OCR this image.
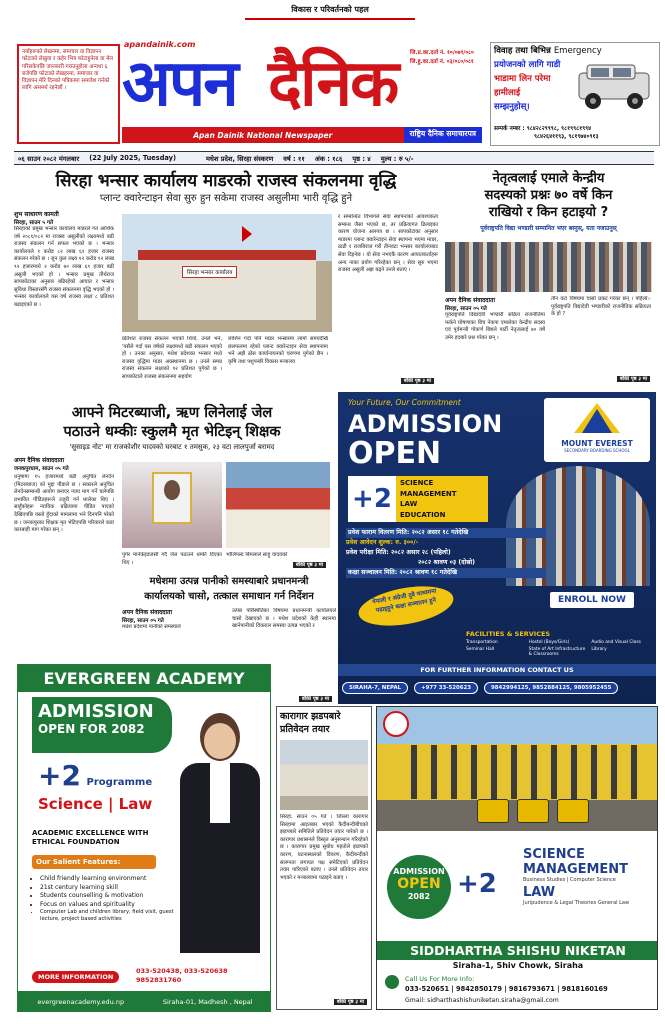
विकास र परिवर्तनको पहल
नयाँहरूको लेखनमा, समाचार वा विज्ञापन फोटाको लेखुवा र कहेर भित्र फोटाहुनेला वा मेल गरिसकेपछि जानकारी गराउनुहोला अन्यथा ६ बजेपछि फोटाको लेखहरमा, समाचार वा विज्ञापन मेरि दिनको पत्रिकामा समावेश गर्नको लागि असमर्थ रहनेछौं ।
apandainik.com
अपन दैनिक
Apan Dainik National Newspaper	राष्ट्रिय दैनिक समाचारपत्र
जि.प्र.का.दर्ता नं. १०/०७९/०८०
जि.हु.का.दर्ता नं. ०३/०८०/०८१
विवाह तथा बिभिन्न Emergency
प्रयोजनको लागि गाडी
भाडामा लिन परेमा
हामीलाई
सम्झनुहोस्।
सम्पर्क नम्बर : ९८४२८२९९९८, ९८१९९८१९९४
९८४२६४११९३, ९८१९७४०९१३
०६ साउन २०८२ मंगलबार (22 July 2025, Tuesday)	मधेश प्रदेश, सिरहा संस्करण वर्ष : ११ अंक : १८६ पृष्ठ : ४ मुल्य : रु ५/-
सिरहा भन्सार कार्यालय माडरको राजस्व संकलनमा वृद्धि
प्लान्ट क्वारेन्टाइन सेवा सुरु हुन सकेमा राजस्व असुलीमा भारी वृद्धि हुने
शुभ साधारण कामती
सिरहा, साउन ५ गते
सिरहाको प्रमुख भन्सार कार्यालय माडरले गत आर्थिक वर्ष २०८१/०८२ मा राजस्व असुलीको लक्ष्यमध्ये बढी राजस्व संकलन गर्न सफल भएको छ । भन्सार कार्यालयले १ करोड ८२ लाख ६१ हजार राजस्व संकलन गरेको छ । जुन कुल लक्ष्य १२ करोड १२ लाख ९२ हजारमध्ये २ करोड ७० लाख ६९ हजार बढी असुली भएको हो । भन्सार प्रमुख तीर्थराज सापकोटाका अनुसार बढिरहेको आयात र भन्सार सुविधा विस्तारसँगै राजस्व संकलनमा वृद्धि भएको हो । भन्सार कार्यालयले यस वर्ष राजस्व लक्ष्य ८ प्रतिशत बढाइएको छ ।
सिरहा भन्सार कार्यालय
प्रतिशत राजस्व संकलन भएको थियो, उनले भने, 'यसैले गर्दा यस वर्षको लक्ष्यमध्ये बढी संकलन भएको हो । उनका अनुसार, मधेश प्रदेशका भन्सार मध्ये राजस्व वृद्धिमा माडर अग्रस्थानमा छ । उनले समग्र राजस्व संकलन लक्ष्यको ९२ प्रतिशत पुगेको छ । सापकोटाले राजस्व संकलनमा सहयोग
लाशिन गर्दा पनि माडर भन्सारमा लामो समयदेखि छलफलमा रहेको प्लान्ट क्वारेन्टाइन सेवा स्थापनामा भने अझै ठोस कार्यान्वयनको चरणमा पुगेको छैन । कृषि तथा पशुपन्छी विकास मन्त्रालय
र सम्बन्धित विभागले सेवा स्थापनाको आवश्यकता सम्बन्ध जैसा भएको छ, तर प्रक्रियागत ढिलाइका कारण योजना अलपत्र छ । सापकोटाका अनुसार माडरमा प्लान्ट क्वारेन्टाइन सेवा स्थापना भएमा माडर, ठाढी र राजबिराज गरी तीनवटा भन्सार कार्यालयबाट सेवा दिइनेछ । यो सेवा नभएकै कारण आयातकर्ताहरू अन्य नाका प्रयोग गरिरहेका छन् । सेवा सुरु भएमा राजस्व असुली अझ बढ्ने उनले बताए ।
बाँकी पृष्ठ ३ मा
नेतृत्वलाई एमाले केन्द्रीय
सदस्यको प्रश्नः ७० वर्षे किन
राखियो र किन हटाइयो ?
पूर्वराष्ट्रपति विद्या भण्डारी सम्मानित भएर बस्नुस्, यता नजाउनुस्
अपन दैनिक संवाददाता
सिरहा, साउन ०५ गते
पूर्वराष्ट्रपति विद्यादेवी भण्डारी सक्रिय राजनीतिमा फर्कने घोषणाका बिच नेकपा एमालेका केन्द्रीय सदस्य एवं पूर्वमन्त्री गोकर्ण बिष्टले पार्टी नेतृत्वलाई ७० वर्षे उमेर हदबारे प्रश्न गरेका छन् ।
तीन वटा विषयमा चासो प्रकट गरेका छन् । पहिलो:- पूर्वराष्ट्रपति विद्यादेवी भण्डारीको राजनीतिक सक्रियता के हो ?
बाँकी पृष्ठ ३ मा
आफ्ने मिटरब्याजी, ऋण लिनेलाई जेल
पठाउने धम्कीः स्कुलमै मृत भेटिइन् शिक्षक
'सुसाइड नोट' मा राजकोशीर यादवको घरबाट १ तमसुक, २३ वटा लालपुर्जा बरामद
अपन दैनिक संवाददाता
जनकपुरधाम, साउन ०५ गते
धनुषामा १५ हजारमध्ये बढी अनुचित लेनदेन (मिटरब्याज) को मुद्दा पीडाले छ । सकारले अनुचित लेनदेनसम्बन्धी आयोग बनाएर न्याय माग गर्ने चलेपछि प्रभावित पीडितहरूले उजुरी गर्न थालेका थिए । साहुँकोहरू न्यायिक प्रक्रियामा पीडित पाएको देखिएपछि यस्तो हुँदाको मामलामा भने दिनपनि परेको छ । जनकपुरका शिक्षक मृत भेटिएपछि परिवारले कडा कारबाही माग गरेका छन् ।
पुगेर मार्नेकेइडजसी गर्दै जेल पठाउने धम्की दिएका थिए ।
भोलिपल्ट बिमलाले साहु यादवको
बाँकी पृष्ठ ३ मा
मधेशमा उत्पन्न पानीको समस्याबारे प्रधानमन्त्री
कार्यालयको चासो, तत्काल समाधान गर्न निर्देशन
अपन दैनिक संवाददाता
सिरहा, साउन ०५ गते
मधेश प्रदेशमा पानीको समस्याले
उत्पन्न परिस्थितिका विषयमा प्रधानमन्त्री कार्यालयले चासो देखाएको छ । मधेश प्रदेशको केही स्थानमा खानेपानीको विकराल समस्या उत्पन्न भएको र
बाँकी पृष्ठ ३ मा
Your Future, Our Commitment
ADMISSION
OPEN	MOUNT EVEREST
SECONDARY BOARDING SCHOOL
+2
SCIENCE
MANAGEMENT
LAW
EDUCATION
प्रवेश फाराम वितरण मिति: २०८२ असार १८ गतेदेखि
प्रवेश आवेदन शुल्क: रु. ३००/-
प्रवेश परीक्षा मिति: २०८२ असार २८ (पहिलो)
२०८२ श्रावण ०३ (दोस्रो)
कक्षा सञ्चालन मिति: २०८२ श्रावण १८ गतेदेखि
ENROLL NOW
नेपाली र अंग्रेजी दुवै माध्यममा पढाइहुने कक्षा सञ्चालन हुने
FACILITIES & SERVICES
Transportation	Hostel (Boys/Girls)	Audio and Visual Class
Seminar Hall	State of Art Infrastructure & Classrooms
Library
FOR FURTHER INFORMATION CONTACT US
SIRAHA-7, NEPAL	+977 33-520623	9842994125, 9852884125, 9805952455
EVERGREEN ACADEMY
ADMISSION
OPEN FOR 2082
+2 Programme
Science | Law
ACADEMIC EXCELLENCE WITH ETHICAL FOUNDATION
Our Salient Features:
• Child friendly learning environment
• 21st century learning skill
• Students counselling & motivation
• Focus on values and spirituality
• Computer Lab and children library, field visit, guest lecture, project based activities
MORE INFORMATION
033-520438, 033-520638
9852831760
evergreenacademy.edu.np	Siraha-01, Madhesh , Nepal
कारागार झडपबारे
प्रतिवेदन तयार
सिरहा, साउन ०५ गते । जिल्ला कारागार सिरहामा आइतबार भएको कैदीबन्दीबीचको झडपबारे समितिले प्रतिवेदन तयार पारेको छ । कारागार प्रशासनले विस्तृत अनुसन्धान गरिरहेको छ । कारागार प्रमुख सुबोध महतोले झडपको कारण, घटनास्थलको विवरण, कैदीबन्दीको संलग्नता लगायत पक्ष समेटिएको प्रतिवेदन तयार पारिएको बताए । उनले प्रतिवेदन तयार भएको र मन्त्रालयमा पठाइने बताए ।
बाँकी पृष्ठ ३ मा
ADMISSION
OPEN
2082	+2
SCIENCE
MANAGEMENT
Business Studies | Computer Science
LAW
Juripudence & Legal Theories General Law
SIDDHARTHA SHISHU NIKETAN
Siraha-1, Shiv Chowk, Siraha
Call Us For More Info:
033-520651 | 9842850179 | 9816793671 | 9818160169
Gmail: sidharthashishuniketan.siraha@gmail.com
